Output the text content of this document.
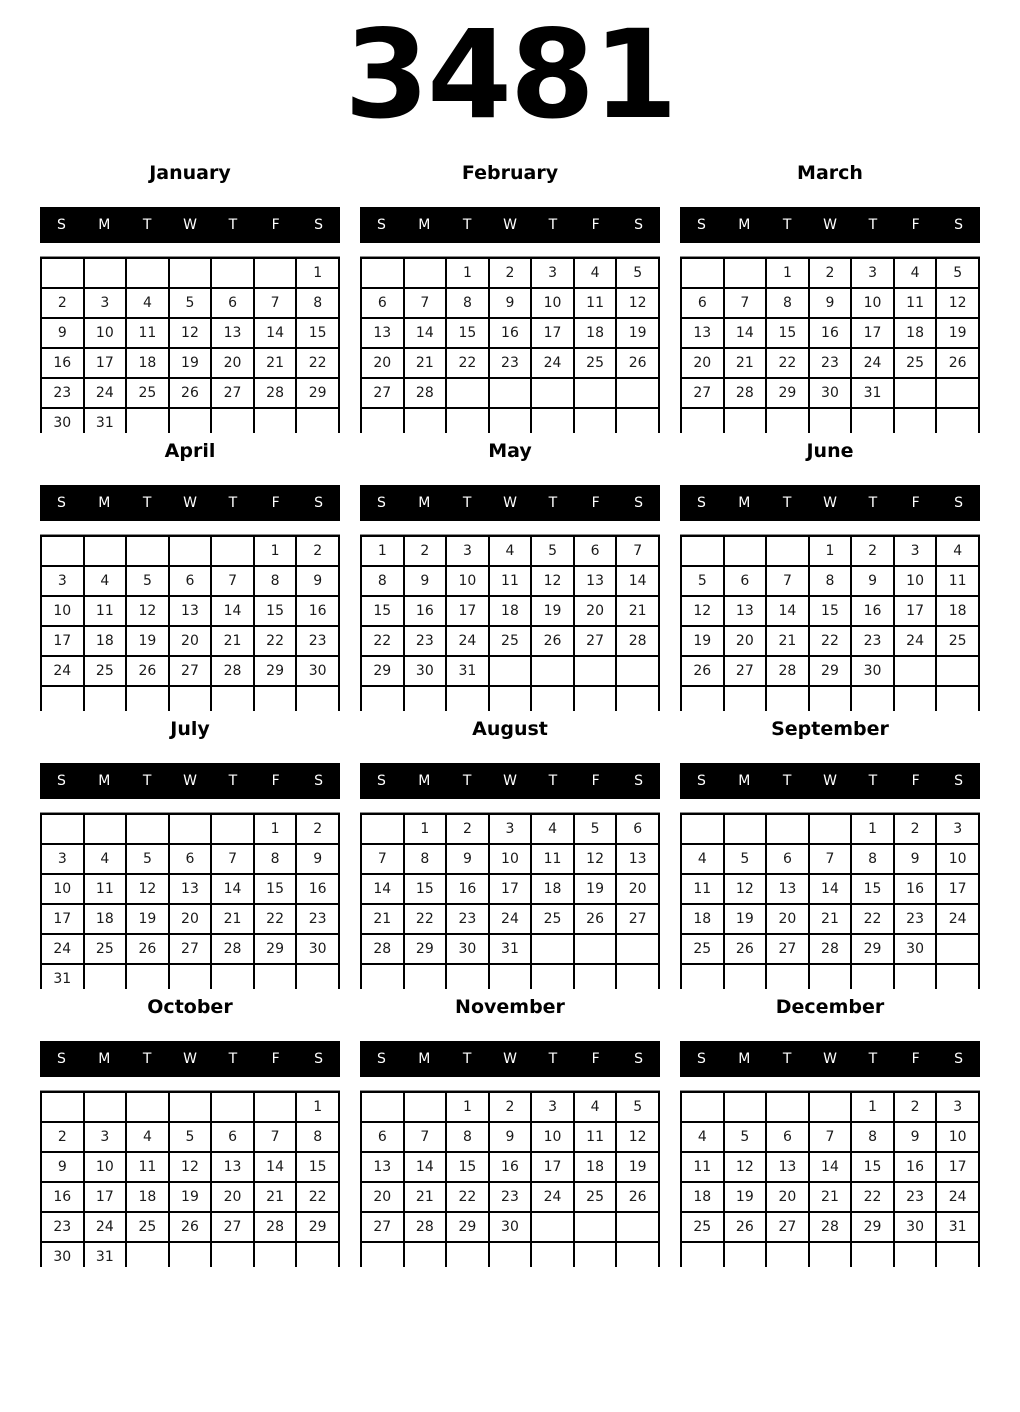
3481
January
S	M	T	W	T	F	S
						1
2	3	4	5	6	7	8
9	10	11	12	13	14	15
16	17	18	19	20	21	22
23	24	25	26	27	28	29
30	31					
February
S	M	T	W	T	F	S
		1	2	3	4	5
6	7	8	9	10	11	12
13	14	15	16	17	18	19
20	21	22	23	24	25	26
27	28					

March
S	M	T	W	T	F	S
		1	2	3	4	5
6	7	8	9	10	11	12
13	14	15	16	17	18	19
20	21	22	23	24	25	26
27	28	29	30	31		

April
S	M	T	W	T	F	S
					1	2
3	4	5	6	7	8	9
10	11	12	13	14	15	16
17	18	19	20	21	22	23
24	25	26	27	28	29	30

May
S	M	T	W	T	F	S
1	2	3	4	5	6	7
8	9	10	11	12	13	14
15	16	17	18	19	20	21
22	23	24	25	26	27	28
29	30	31				

June
S	M	T	W	T	F	S
			1	2	3	4
5	6	7	8	9	10	11
12	13	14	15	16	17	18
19	20	21	22	23	24	25
26	27	28	29	30		

July
S	M	T	W	T	F	S
					1	2
3	4	5	6	7	8	9
10	11	12	13	14	15	16
17	18	19	20	21	22	23
24	25	26	27	28	29	30
31						
August
S	M	T	W	T	F	S
	1	2	3	4	5	6
7	8	9	10	11	12	13
14	15	16	17	18	19	20
21	22	23	24	25	26	27
28	29	30	31			

September
S	M	T	W	T	F	S
				1	2	3
4	5	6	7	8	9	10
11	12	13	14	15	16	17
18	19	20	21	22	23	24
25	26	27	28	29	30	

October
S	M	T	W	T	F	S
						1
2	3	4	5	6	7	8
9	10	11	12	13	14	15
16	17	18	19	20	21	22
23	24	25	26	27	28	29
30	31					
November
S	M	T	W	T	F	S
		1	2	3	4	5
6	7	8	9	10	11	12
13	14	15	16	17	18	19
20	21	22	23	24	25	26
27	28	29	30			

December
S	M	T	W	T	F	S
				1	2	3
4	5	6	7	8	9	10
11	12	13	14	15	16	17
18	19	20	21	22	23	24
25	26	27	28	29	30	31
